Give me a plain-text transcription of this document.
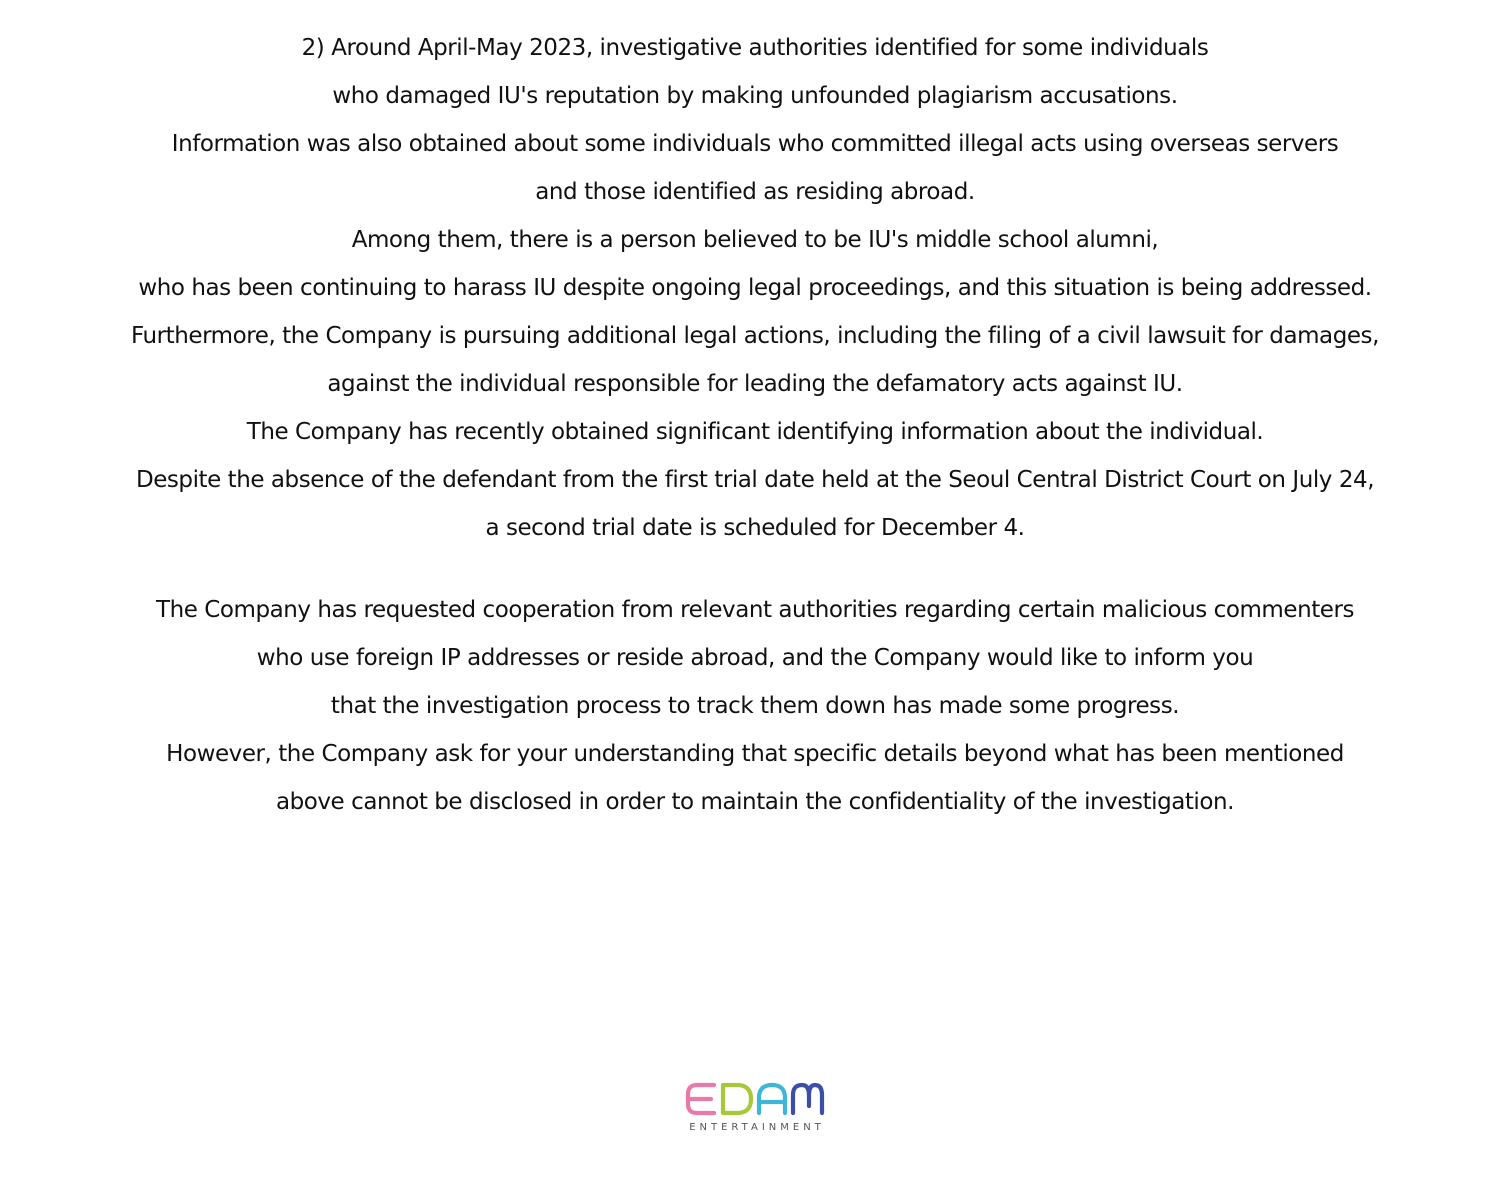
2) Around April-May 2023, investigative authorities identified for some individuals
who damaged IU's reputation by making unfounded plagiarism accusations.
Information was also obtained about some individuals who committed illegal acts using overseas servers
and those identified as residing abroad.
Among them, there is a person believed to be IU's middle school alumni,
who has been continuing to harass IU despite ongoing legal proceedings, and this situation is being addressed.
Furthermore, the Company is pursuing additional legal actions, including the filing of a civil lawsuit for damages,
against the individual responsible for leading the defamatory acts against IU.
The Company has recently obtained significant identifying information about the individual.
Despite the absence of the defendant from the first trial date held at the Seoul Central District Court on July 24,
a second trial date is scheduled for December 4.

The Company has requested cooperation from relevant authorities regarding certain malicious commenters
who use foreign IP addresses or reside abroad, and the Company would like to inform you
that the investigation process to track them down has made some progress.
However, the Company ask for your understanding that specific details beyond what has been mentioned
above cannot be disclosed in order to maintain the confidentiality of the investigation.

ENTERTAINMENT
